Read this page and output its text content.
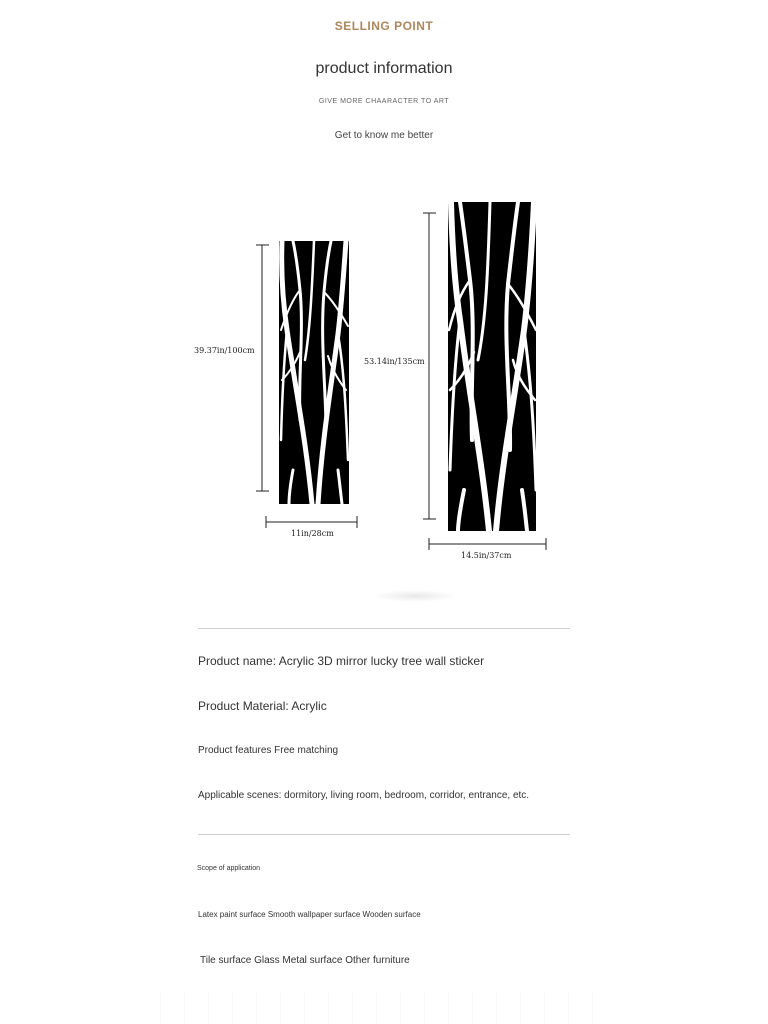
SELLING POINT
product information
GIVE MORE CHAARACTER TO ART
Get to know me better
39.37in/100cm
11in/28cm
53.14in/135cm
14.5in/37cm
Product name: Acrylic 3D mirror lucky tree wall sticker
Product Material: Acrylic
Product features Free matching
Applicable scenes: dormitory, living room, bedroom, corridor, entrance, etc.
Scope of application
Latex paint surface Smooth wallpaper surface Wooden surface
Tile surface Glass Metal surface Other furniture
